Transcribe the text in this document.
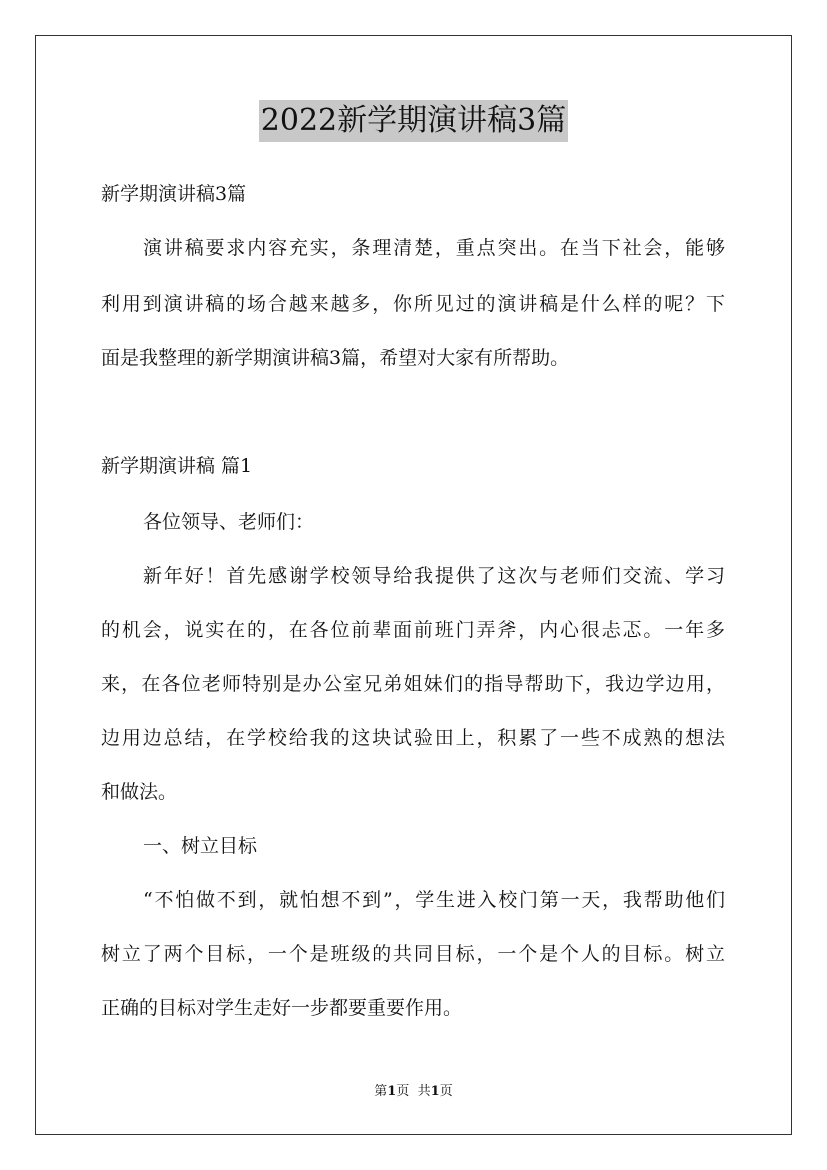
2022新学期演讲稿3篇
新学期演讲稿3篇
演讲稿要求内容充实，条理清楚，重点突出。在当下社会，能够
利用到演讲稿的场合越来越多，你所见过的演讲稿是什么样的呢？下
面是我整理的新学期演讲稿3篇，希望对大家有所帮助。
新学期演讲稿 篇1
各位领导、老师们：
新年好！首先感谢学校领导给我提供了这次与老师们交流、学习
的机会，说实在的，在各位前辈面前班门弄斧，内心很忐忑。一年多
来，在各位老师特别是办公室兄弟姐妹们的指导帮助下，我边学边用，
边用边总结，在学校给我的这块试验田上，积累了一些不成熟的想法
和做法。
一、树立目标
“不怕做不到，就怕想不到”，学生进入校门第一天，我帮助他们
树立了两个目标，一个是班级的共同目标，一个是个人的目标。树立
正确的目标对学生走好一步都要重要作用。
第1页 共1页
